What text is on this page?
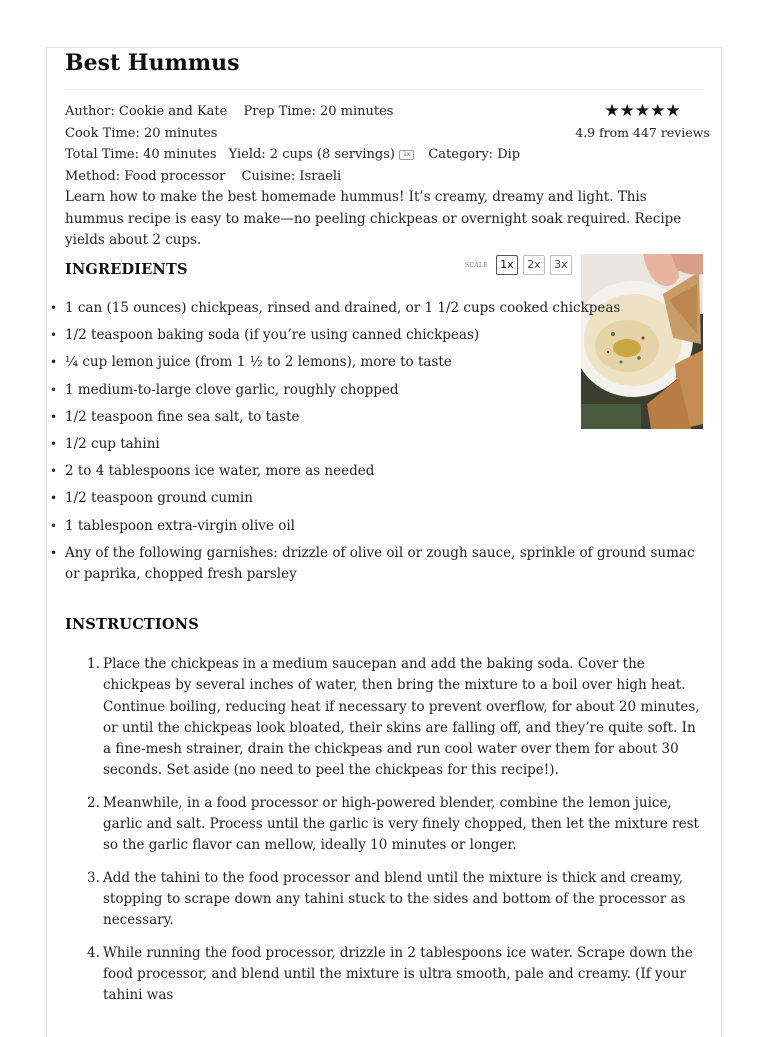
Best Hummus
Author: Cookie and Kate Prep Time: 20 minutes Cook Time: 20 minutes
Total Time: 40 minutes Yield: 2 cups (8 servings) 1x Category: Dip
Method: Food processor Cuisine: Israeli
★★★★★
4.9 from 447 reviews

Learn how to make the best homemade hummus! It’s creamy, dreamy and light. This hummus recipe is easy to make—no peeling chickpeas or overnight soak required. Recipe yields about 2 cups.

INGREDIENTS	SCALE	1x	2x	3x
• 1 can (15 ounces) chickpeas, rinsed and drained, or 1 1/2 cups cooked chickpeas
• 1/2 teaspoon baking soda (if you’re using canned chickpeas)
• ¼ cup lemon juice (from 1 ½ to 2 lemons), more to taste
• 1 medium-to-large clove garlic, roughly chopped
• 1/2 teaspoon fine sea salt, to taste
• 1/2 cup tahini
• 2 to 4 tablespoons ice water, more as needed
• 1/2 teaspoon ground cumin
• 1 tablespoon extra-virgin olive oil
• Any of the following garnishes: drizzle of olive oil or zough sauce, sprinkle of ground sumac or paprika, chopped fresh parsley
INSTRUCTIONS
1. Place the chickpeas in a medium saucepan and add the baking soda. Cover the chickpeas by several inches of water, then bring the mixture to a boil over high heat. Continue boiling, reducing heat if necessary to prevent overflow, for about 20 minutes, or until the chickpeas look bloated, their skins are falling off, and they’re quite soft. In a fine-mesh strainer, drain the chickpeas and run cool water over them for about 30 seconds. Set aside (no need to peel the chickpeas for this recipe!).
2. Meanwhile, in a food processor or high-powered blender, combine the lemon juice, garlic and salt. Process until the garlic is very finely chopped, then let the mixture rest so the garlic flavor can mellow, ideally 10 minutes or longer.
3. Add the tahini to the food processor and blend until the mixture is thick and creamy, stopping to scrape down any tahini stuck to the sides and bottom of the processor as necessary.
4. While running the food processor, drizzle in 2 tablespoons ice water. Scrape down the food processor, and blend until the mixture is ultra smooth, pale and creamy. (If your tahini was
